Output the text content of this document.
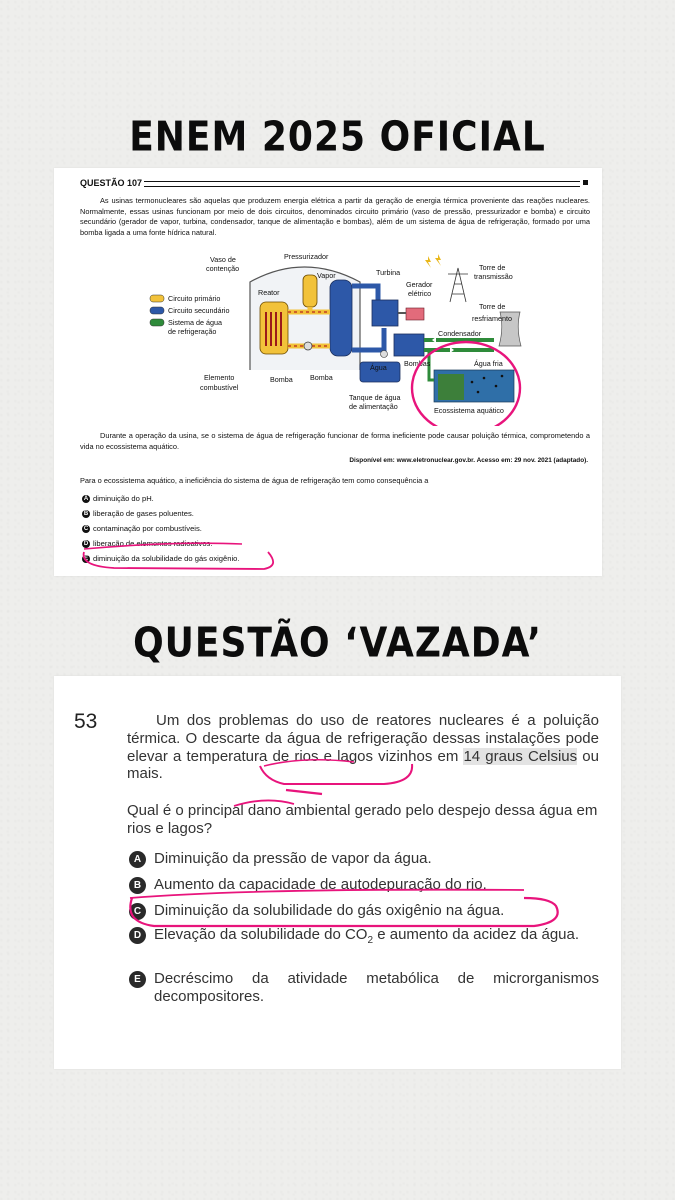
ENEM 2025 OFICIAL
QUESTÃO 107
As usinas termonucleares são aquelas que produzem energia elétrica a partir da geração de energia térmica proveniente das reações nucleares. Normalmente, essas usinas funcionam por meio de dois circuitos, denominados circuito primário (vaso de pressão, pressurizador e bomba) e circuito secundário (gerador de vapor, turbina, condensador, tanque de alimentação e bombas), além de um sistema de água de refrigeração, formado por uma bomba ligada a uma fonte hídrica natural.
Circuito primário
Circuito secundário
Sistema de água
de refrigeração
Vaso de
contenção
Pressurizador
Vapor	Turbina
Gerador
elétrico
Torre de
transmissão
Torre de
resfriamento
Reator
Condensador
Água fria
Elemento
combustível
Bomba Bomba
Bombas
Água
Tanque de água
de alimentação	Ecossistema aquático
Durante a operação da usina, se o sistema de água de refrigeração funcionar de forma ineficiente pode causar poluição térmica, comprometendo a vida no ecossistema aquático.
Disponível em: www.eletronuclear.gov.br. Acesso em: 29 nov. 2021 (adaptado).
Para o ecossistema aquático, a ineficiência do sistema de água de refrigeração tem como consequência a
A diminuição do pH.
B liberação de gases poluentes.
C contaminação por combustíveis.
D liberação de elementos radioativos.
E diminuição da solubilidade do gás oxigênio.
QUESTÃO ‘VAZADA’
53	Um dos problemas do uso de reatores nucleares é a poluição térmica. O descarte da água de refrigeração dessas instalações pode elevar a temperatura de rios e lagos vizinhos em 14 graus Celsius ou mais.
Qual é o principal dano ambiental gerado pelo despejo dessa água em rios e lagos?
A Diminuição da pressão de vapor da água.
B Aumento da capacidade de autodepuração do rio.
C Diminuição da solubilidade do gás oxigênio na água.
D Elevação da solubilidade do $CO_2$ e aumento da acidez da água.
E Decréscimo da atividade metabólica de microrganismos decompositores.
